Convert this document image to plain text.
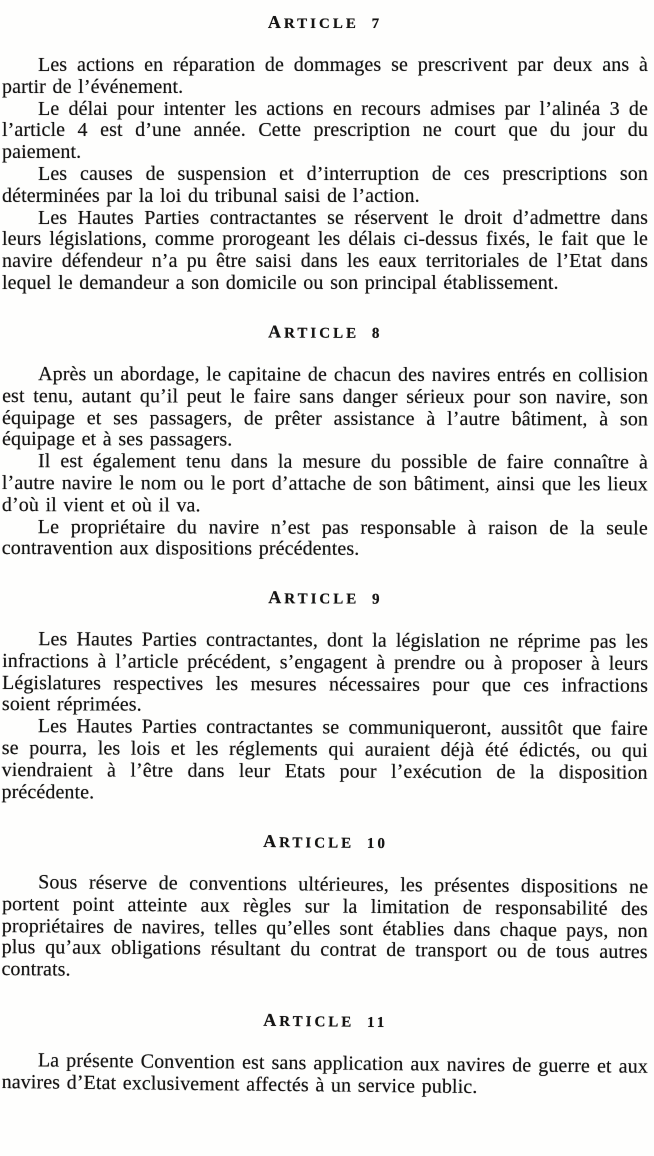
ARTICLE 7

Les actions en réparation de dommages se prescrivent par deux ans à partir de l’événement.

Le délai pour intenter les actions en recours admises par l’alinéa 3 de l’article 4 est d’une année. Cette prescription ne court que du jour du paiement.

Les causes de suspension et d’interruption de ces prescriptions son déterminées par la loi du tribunal saisi de l’action.

Les Hautes Parties contractantes se réservent le droit d’admettre dans leurs législations, comme prorogeant les délais ci-dessus fixés, le fait que le navire défendeur n’a pu être saisi dans les eaux territoriales de l’Etat dans lequel le demandeur a son domicile ou son principal établissement.

ARTICLE 8

Après un abordage, le capitaine de chacun des navires entrés en collision est tenu, autant qu’il peut le faire sans danger sérieux pour son navire, son équipage et ses passagers, de prêter assistance à l’autre bâtiment, à son équipage et à ses passagers.

Il est également tenu dans la mesure du possible de faire connaître à l’autre navire le nom ou le port d’attache de son bâtiment, ainsi que les lieux d’où il vient et où il va.

Le propriétaire du navire n’est pas responsable à raison de la seule contravention aux dispositions précédentes.

ARTICLE 9

Les Hautes Parties contractantes, dont la législation ne réprime pas les infractions à l’article précédent, s’engagent à prendre ou à proposer à leurs Législatures respectives les mesures nécessaires pour que ces infractions soient réprimées.

Les Hautes Parties contractantes se communiqueront, aussitôt que faire se pourra, les lois et les réglements qui auraient déjà été édictés, ou qui viendraient à l’être dans leur Etats pour l’exécution de la disposition précédente.

ARTICLE 10

Sous réserve de conventions ultérieures, les présentes dispositions ne portent point atteinte aux règles sur la limitation de responsabilité des propriétaires de navires, telles qu’elles sont établies dans chaque pays, non plus qu’aux obligations résultant du contrat de transport ou de tous autres contrats.

ARTICLE 11

La présente Convention est sans application aux navires de guerre et aux navires d’Etat exclusivement affectés à un service public.
